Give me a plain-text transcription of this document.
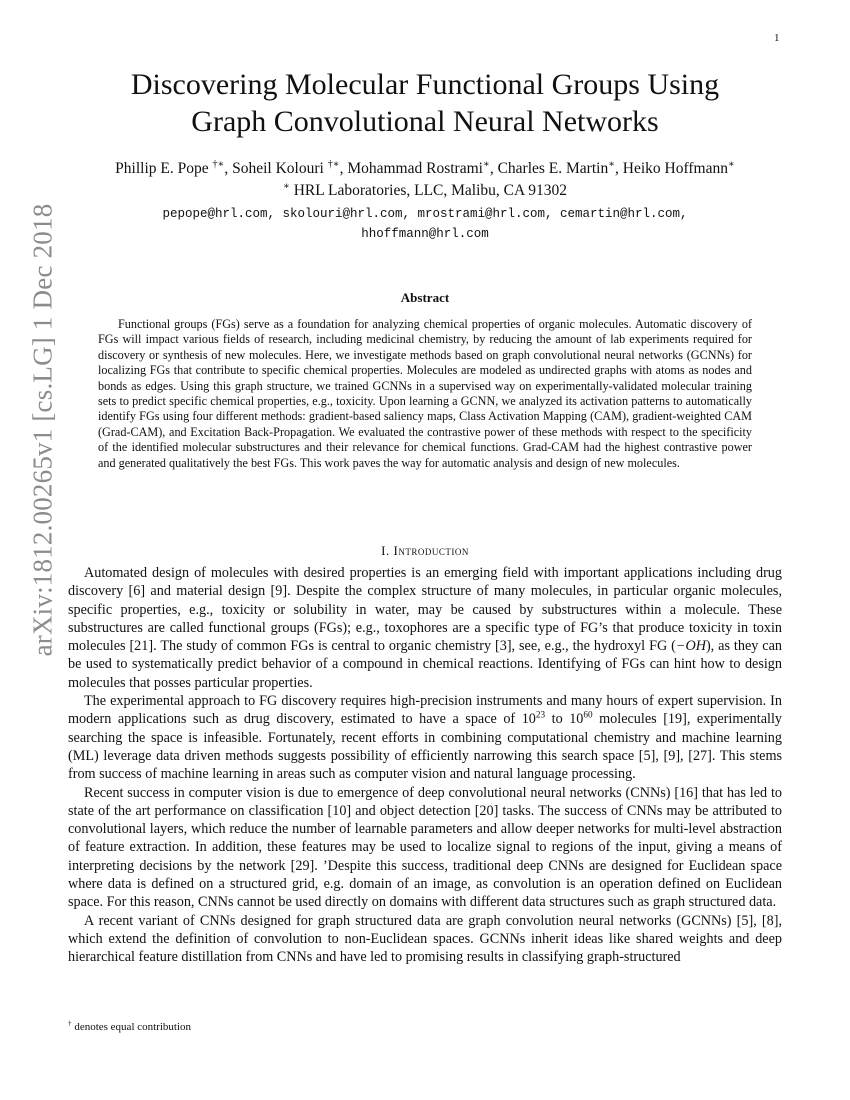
1
arXiv:1812.00265v1 [cs.LG] 1 Dec 2018
Discovering Molecular Functional Groups Using
Graph Convolutional Neural Networks
Phillip E. Pope †∗, Soheil Kolouri †∗, Mohammad Rostrami∗, Charles E. Martin∗, Heiko Hoffmann∗
∗ HRL Laboratories, LLC, Malibu, CA 91302
pepope@hrl.com, skolouri@hrl.com, mrostrami@hrl.com, cemartin@hrl.com,
hhoffmann@hrl.com
Abstract
Functional groups (FGs) serve as a foundation for analyzing chemical properties of organic molecules. Automatic discovery of FGs will impact various fields of research, including medicinal chemistry, by reducing the amount of lab experiments required for discovery or synthesis of new molecules. Here, we investigate methods based on graph convolutional neural networks (GCNNs) for localizing FGs that contribute to specific chemical properties. Molecules are modeled as undirected graphs with atoms as nodes and bonds as edges. Using this graph structure, we trained GCNNs in a supervised way on experimentally-validated molecular training sets to predict specific chemical properties, e.g., toxicity. Upon learning a GCNN, we analyzed its activation patterns to automatically identify FGs using four different methods: gradient-based saliency maps, Class Activation Mapping (CAM), gradient-weighted CAM (Grad-CAM), and Excitation Back-Propagation. We evaluated the contrastive power of these methods with respect to the specificity of the identified molecular substructures and their relevance for chemical functions. Grad-CAM had the highest contrastive power and generated qualitatively the best FGs. This work paves the way for automatic analysis and design of new molecules.
I. Introduction

Automated design of molecules with desired properties is an emerging field with important applications including drug discovery [6] and material design [9]. Despite the complex structure of many molecules, in particular organic molecules, specific properties, e.g., toxicity or solubility in water, may be caused by substructures within a molecule. These substructures are called functional groups (FGs); e.g., toxophores are a specific type of FG’s that produce toxicity in toxin molecules [21]. The study of common FGs is central to organic chemistry [3], see, e.g., the hydroxyl FG (−OH), as they can be used to systematically predict behavior of a compound in chemical reactions. Identifying of FGs can hint how to design molecules that posses particular properties.

The experimental approach to FG discovery requires high-precision instruments and many hours of expert supervision. In modern applications such as drug discovery, estimated to have a space of $10^{23}$ to $10^{60}$ molecules [19], experimentally searching the space is infeasible. Fortunately, recent efforts in combining computational chemistry and machine learning (ML) leverage data driven methods suggests possibility of efficiently narrowing this search space [5], [9], [27]. This stems from success of machine learning in areas such as computer vision and natural language processing.

Recent success in computer vision is due to emergence of deep convolutional neural networks (CNNs) [16] that has led to state of the art performance on classification [10] and object detection [20] tasks. The success of CNNs may be attributed to convolutional layers, which reduce the number of learnable parameters and allow deeper networks for multi-level abstraction of feature extraction. In addition, these features may be used to localize signal to regions of the input, giving a means of interpreting decisions by the network [29]. ’Despite this success, traditional deep CNNs are designed for Euclidean space where data is defined on a structured grid, e.g. domain of an image, as convolution is an operation defined on Euclidean space. For this reason, CNNs cannot be used directly on domains with different data structures such as graph structured data.

A recent variant of CNNs designed for graph structured data are graph convolution neural networks (GCNNs) [5], [8], which extend the definition of convolution to non-Euclidean spaces. GCNNs inherit ideas like shared weights and deep hierarchical feature distillation from CNNs and have led to promising results in classifying graph-structured

† denotes equal contribution
